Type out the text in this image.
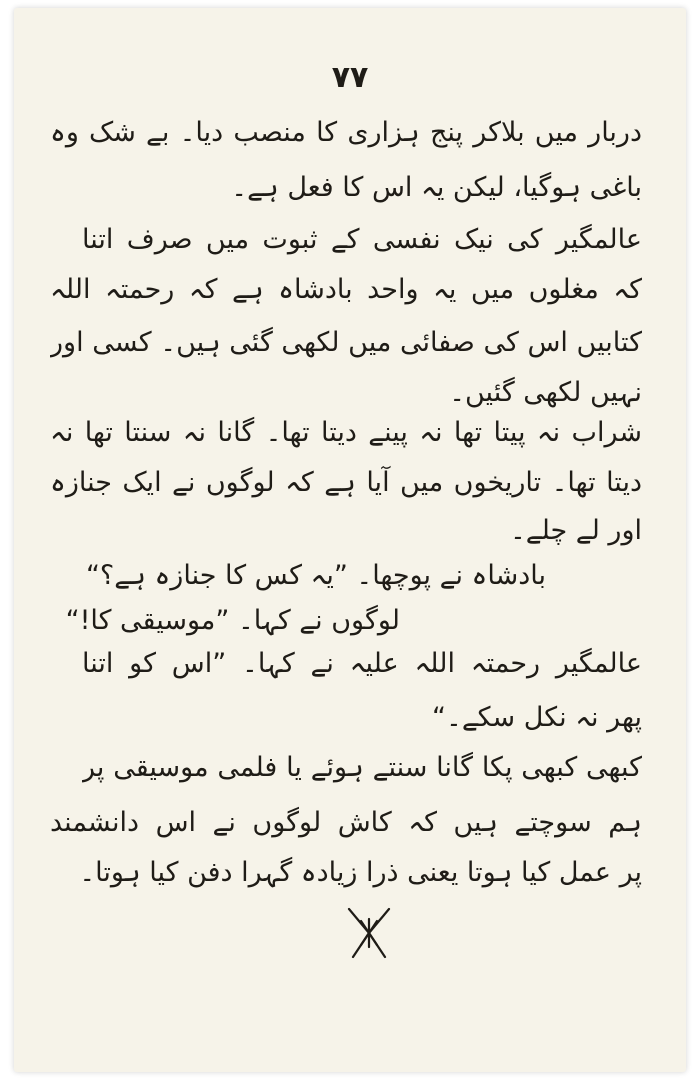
۷۷
دربار میں بلاکر پنج ہزاری کا منصب دیا۔ بے شک وہ
باغی ہوگیا، لیکن یہ اس کا فعل ہے۔
عالمگیر کی نیک نفسی کے ثبوت میں صرف اتنا
کہ مغلوں میں یہ واحد بادشاہ ہے کہ رحمتہ اللہ
کتابیں اس کی صفائی میں لکھی گئی ہیں۔ کسی اور
نہیں لکھی گئیں۔
شراب نہ پیتا تھا نہ پینے دیتا تھا۔ گانا نہ سنتا تھا نہ
دیتا تھا۔ تاریخوں میں آیا ہے کہ لوگوں نے ایک جنازہ
اور لے چلے۔
بادشاہ نے پوچھا۔ ”یہ کس کا جنازہ ہے؟“
لوگوں نے کہا۔ ”موسیقی کا!“
عالمگیر رحمتہ اللہ علیہ نے کہا۔ ”اس کو اتنا
پھر نہ نکل سکے۔“
کبھی کبھی پکا گانا سنتے ہوئے یا فلمی موسیقی پر
ہم سوچتے ہیں کہ کاش لوگوں نے اس دانشمند
پر عمل کیا ہوتا یعنی ذرا زیادہ گہرا دفن کیا ہوتا۔
